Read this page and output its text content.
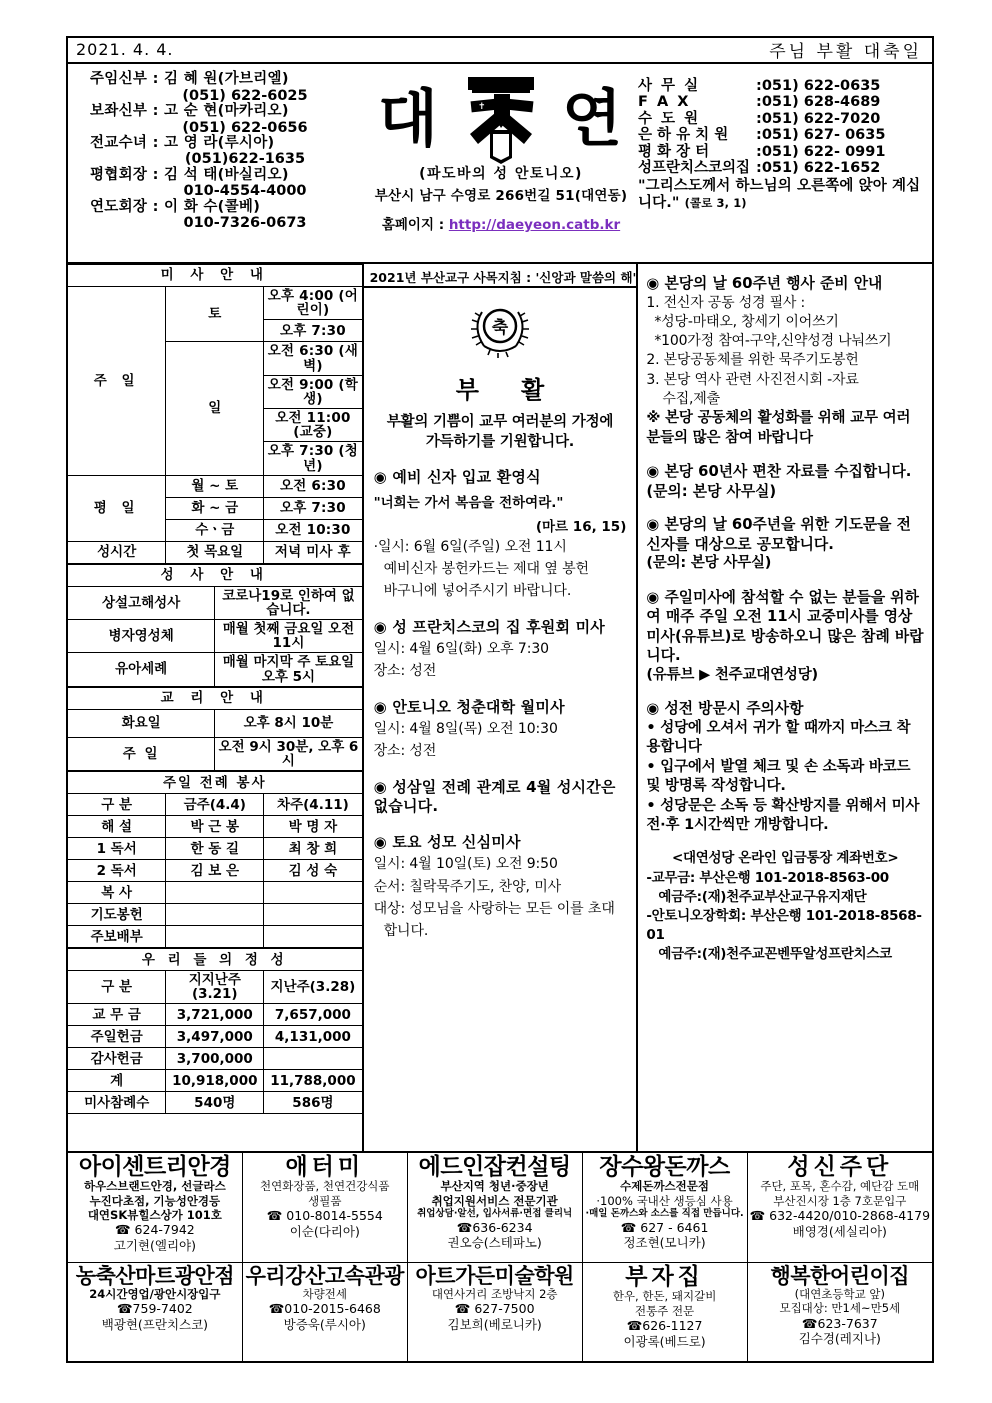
2021. 4. 4.	주님 부활 대축일
주임신부 : 김 혜 원(가브리엘)
(051) 622-6025
보좌신부 : 고 순 현(마카리오)
(051) 622-0656
전교수녀 : 고 영 라(루시아)
(051)622-1635
평협회장 : 김 석 태(바실리오)
010-4554-4000
연도회장 : 이 화 수(콜베)
010-7326-0673
대 연
✝
(파도바의 성 안토니오)
부산시 남구 수영로 266번길 51(대연동)
홈페이지 : http://daeyeon.catb.kr
사 무 실	: 051) 622-0635
F A X	: 051) 628-4689
수 도 원	: 051) 622-7020
은 하 유 치 원	: 051) 627- 0635
평 화 장 터	: 051) 622- 0991
성프란치스코의집 : 051) 622-1652
"그리스도께서 하느님의 오른쪽에 앉아 계십니다." (콜로 3, 1)
미 사 안 내		
주 일	토	오후 4:00 (어린이)
		오후 7:30
	일	오전 6:30 (새벽)
		오전 9:00 (학생)
		오전 11:00 (교중)
		오후 7:30 (청년)
평 일	월 ~ 토	오전 6:30
	화 ~ 금	오후 7:30
	수ㆍ금	오전 10:30
성시간	첫 목요일	저녁 미사 후
성 사 안 내	
상설고해성사	코로나19로 인하여 없습니다.
병자영성체	매월 첫째 금요일 오전 11시
유아세례	매월 마지막 주 토요일 오후 5시
교 리 안 내	
화요일	오후 8시 10분
주 일	오전 9시 30분, 오후 6시
주일 전례 봉사		
구 분	금주(4.4)	차주(4.11)
해 설	박 근 봉	박 명 자
1 독서	한 동 길	최 창 희
2 독서	김 보 은	김 성 숙
복 사		
기도봉헌		
주보배부		
우 리 들 의 정 성		
구 분	지지난주(3.21)	지난주(3.28)
교 무 금	3,721,000	7,657,000
주일헌금	3,497,000	4,131,000
감사헌금	3,700,000	
계	10,918,000	11,788,000
미사참례수	540명	586명
2021년 부산교구 사목지침 : '신앙과 말씀의 해'
축
부활
부활의 기쁨이 교무 여러분의 가정에
가득하기를 기원합니다.
◉ 예비 신자 입교 환영식
"너희는 가서 복음을 전하여라."
(마르 16, 15)
·일시: 6월 6일(주일) 오전 11시
예비신자 봉헌카드는 제대 옆 봉헌
바구니에 넣어주시기 바랍니다.
◉ 성 프란치스코의 집 후원회 미사
일시: 4월 6일(화) 오후 7:30
장소: 성전
◉ 안토니오 청춘대학 월미사
일시: 4월 8일(목) 오전 10:30
장소: 성전
◉ 성삼일 전례 관계로 4월 성시간은 없습니다.
◉ 토요 성모 신심미사
일시: 4월 10일(토) 오전 9:50
순서: 칠락묵주기도, 찬양, 미사
대상: 성모님을 사랑하는 모든 이를 초대
합니다.
◉ 본당의 날 60주년 행사 준비 안내
1. 전신자 공동 성경 필사 :
*성당-마태오, 창세기 이어쓰기
*100가정 참여-구약,신약성경 나눠쓰기
2. 본당공동체를 위한 묵주기도봉헌
3. 본당 역사 관련 사진전시회 -자료
수집,제출
※ 본당 공동체의 활성화를 위해 교무 여러분들의 많은 참여 바랍니다
◉ 본당 60년사 편찬 자료를 수집합니다.(문의: 본당 사무실)
◉ 본당의 날 60주년을 위한 기도문을 전신자를 대상으로 공모합니다.
(문의: 본당 사무실)
◉ 주일미사에 참석할 수 없는 분들을 위하여 매주 주일 오전 11시 교중미사를 영상미사(유튜브)로 방송하오니 많은 참례 바랍니다.
(유튜브 ▶ 천주교대연성당)
◉ 성전 방문시 주의사항
• 성당에 오셔서 귀가 할 때까지 마스크 착용합니다
• 입구에서 발열 체크 및 손 소독과 바코드 및 방명록 작성합니다.
• 성당문은 소독 등 확산방지를 위해서 미사 전·후 1시간씩만 개방합니다.
<대연성당 온라인 입금통장 계좌번호>
-교무금: 부산은행 101-2018-8563-00
예금주:(재)천주교부산교구유지재단
-안토니오장학회: 부산은행 101-2018-8568-01
예금주:(재)천주교꼰벤뚜알성프란치스코
아이센트리안경
하우스브랜드안경, 선글라스
누진다초점, 기능성안경등
대연SK뷰힐스상가 101호
☎ 624-7942
고기현(엘리야)
애터미
천연화장품, 천연건강식품
생필품
☎ 010-8014-5554
이순(다리아)
에드인잡컨설팅
부산지역 청년·중장년
취업지원서비스 전문기관
취업상담·알선, 입사서류·면접 클리닉
☎636-6234
권오승(스테파노)
장수왕돈까스
수제돈까스전문점
·100% 국내산 생등심 사용
·매일 돈까스와 소스를 직접 만듭니다.
☎ 627 - 6461
정조현(모니카)
성신주단
주단, 포목, 혼수감, 예단감 도매
부산진시장 1층 7호문입구
☎ 632-4420/010-2868-4179
배영경(세실리아)
농축산마트광안점
24시간영업/광안시장입구
☎759-7402
백광현(프란치스코)
우리강산고속관광
차량전세
☎010-2015-6468
방증욱(루시아)
아트가든미술학원
대연사거리 조방낙지 2층
☎ 627-7500
김보희(베로니카)
부자집
한우, 한돈, 돼지갈비
전통주 전문
☎626-1127
이광록(베드로)
행복한어린이집
(대연초등학교 앞)
모집대상: 만1세~만5세
☎623-7637
김수경(레지나)
